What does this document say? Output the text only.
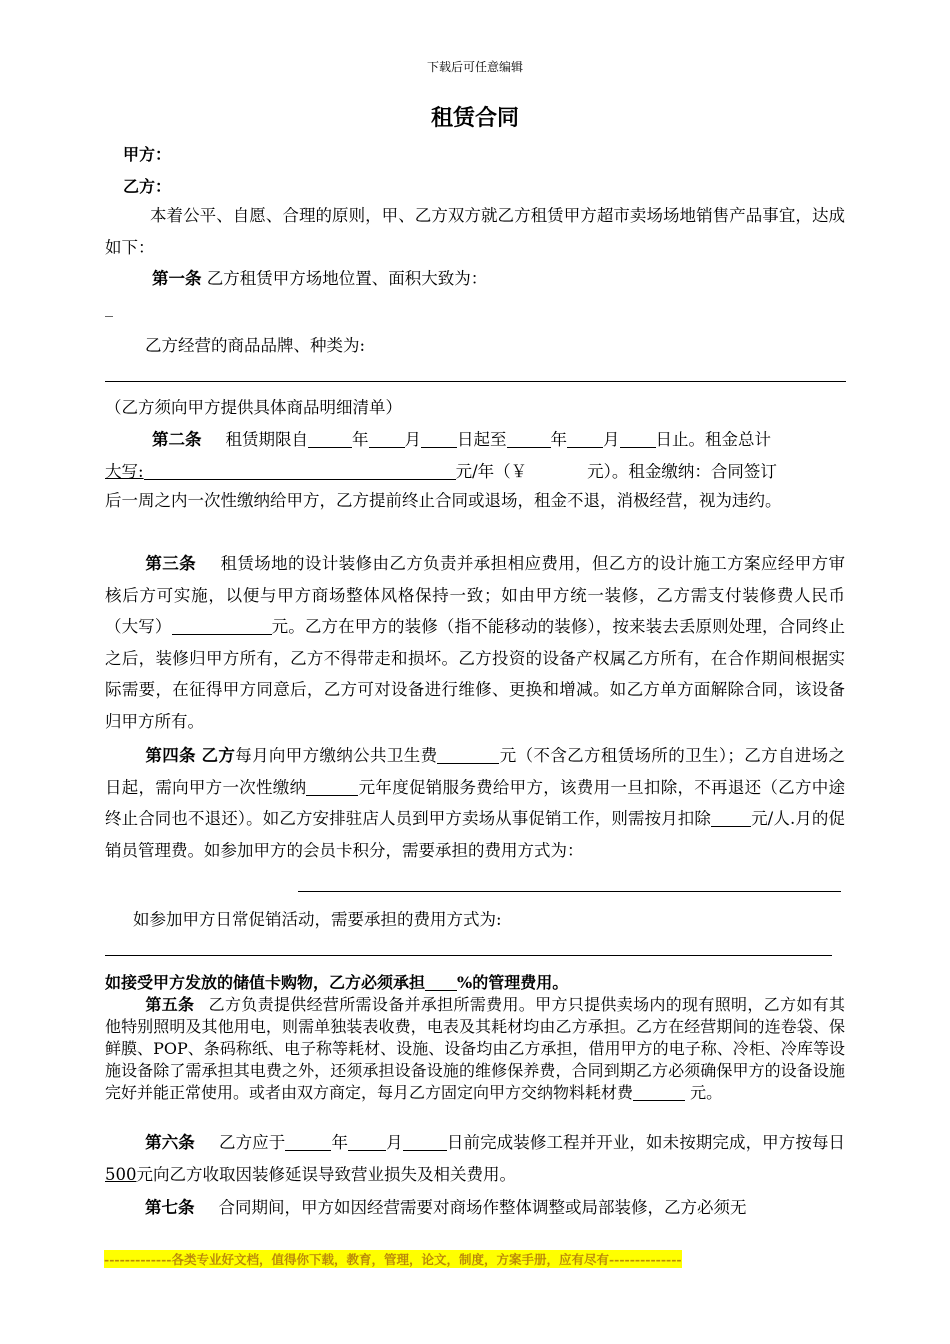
下载后可任意编辑
租赁合同
甲方：
乙方：
本着公平、自愿、合理的原则，甲、乙方双方就乙方租赁甲方超市卖场场地销售产品事宜，达成如下：
第一条 乙方租赁甲方场地位置、面积大致为：
_
乙方经营的商品品牌、种类为:
（乙方须向甲方提供具体商品明细清单）
第二条 租赁期限自	年 月 日起至	年 月 日止。租金总计
大写:	元/年（￥	元）。租金缴纳：合同签订
后一周之内一次性缴纳给甲方，乙方提前终止合同或退场，租金不退，消极经营，视为违约。
第三条 租赁场地的设计装修由乙方负责并承担相应费用，但乙方的设计施工方案应经甲方审核后方可实施，以便与甲方商场整体风格保持一致；如由甲方统一装修，乙方需支付装修费人民币（大写）	元。乙方在甲方的装修（指不能移动的装修），按来装去丢原则处理，合同终止之后，装修归甲方所有，乙方不得带走和损坏。乙方投资的设备产权属乙方所有，在合作期间根据实际需要，在征得甲方同意后，乙方可对设备进行维修、更换和增减。如乙方单方面解除合同，该设备归甲方所有。
第四条 乙方每月向甲方缴纳公共卫生费	元（不含乙方租赁场所的卫生）；乙方自进场之日起，需向甲方一次性缴纳	元年度促销服务费给甲方，该费用一旦扣除，不再退还（乙方中途终止合同也不退还）。如乙方安排驻店人员到甲方卖场从事促销工作，则需按月扣除 元/人.月的促销员管理费。如参加甲方的会员卡积分，需要承担的费用方式为：
如参加甲方日常促销活动，需要承担的费用方式为:
如接受甲方发放的储值卡购物，乙方必须承担 %的管理费用。
第五条 乙方负责提供经营所需设备并承担所需费用。甲方只提供卖场内的现有照明，乙方如有其他特别照明及其他用电，则需单独装表收费，电表及其耗材均由乙方承担。乙方在经营期间的连卷袋、保鲜膜、POP、条码称纸、电子称等耗材、设施、设备均由乙方承担，借用甲方的电子称、冷柜、冷库等设施设备除了需承担其电费之外，还须承担设备设施的维修保养费，合同到期乙方必须确保甲方的设备设施完好并能正常使用。或者由双方商定，每月乙方固定向甲方交纳物料耗材费	元。
第六条 乙方应于	年 月	日前完成装修工程并开业，如未按期完成，甲方按每日500元向乙方收取因装修延误导致营业损失及相关费用。
第七条 合同期间，甲方如因经营需要对商场作整体调整或局部装修，乙方必须无
-------------各类专业好文档，值得你下载，教育，管理，论文，制度，方案手册，应有尽有--------------
